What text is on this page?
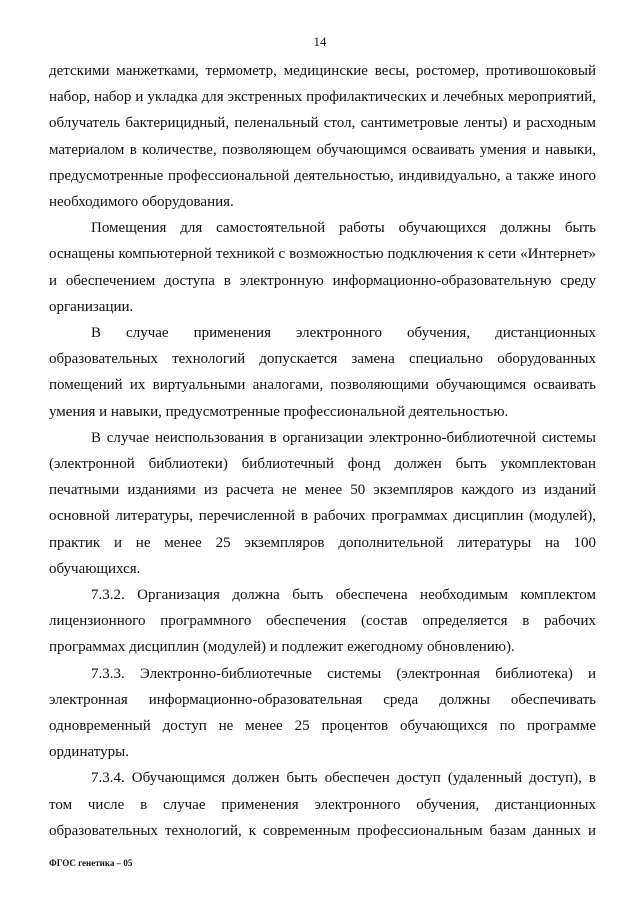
14

детскими манжетками, термометр, медицинские весы, ростомер, противошоковый набор, набор и укладка для экстренных профилактических и лечебных мероприятий, облучатель бактерицидный, пеленальный стол, сантиметровые ленты) и расходным материалом в количестве, позволяющем обучающимся осваивать умения и навыки, предусмотренные профессиональной деятельностью, индивидуально, а также иного необходимого оборудования.

Помещения для самостоятельной работы обучающихся должны быть оснащены компьютерной техникой с возможностью подключения к сети «Интернет» и обеспечением доступа в электронную информационно-образовательную среду организации.

В случае применения электронного обучения, дистанционных образовательных технологий допускается замена специально оборудованных помещений их виртуальными аналогами, позволяющими обучающимся осваивать умения и навыки, предусмотренные профессиональной деятельностью.

В случае неиспользования в организации электронно-библиотечной системы (электронной библиотеки) библиотечный фонд должен быть укомплектован печатными изданиями из расчета не менее 50 экземпляров каждого из изданий основной литературы, перечисленной в рабочих программах дисциплин (модулей), практик и не менее 25 экземпляров дополнительной литературы на 100 обучающихся.

7.3.2. Организация должна быть обеспечена необходимым комплектом лицензионного программного обеспечения (состав определяется в рабочих программах дисциплин (модулей) и подлежит ежегодному обновлению).

7.3.3. Электронно-библиотечные системы (электронная библиотека) и электронная информационно-образовательная среда должны обеспечивать одновременный доступ не менее 25 процентов обучающихся по программе ординатуры.

7.3.4. Обучающимся должен быть обеспечен доступ (удаленный доступ), в том числе в случае применения электронного обучения, дистанционных образовательных технологий, к современным профессиональным базам данных и

ФГОС генетика – 05
